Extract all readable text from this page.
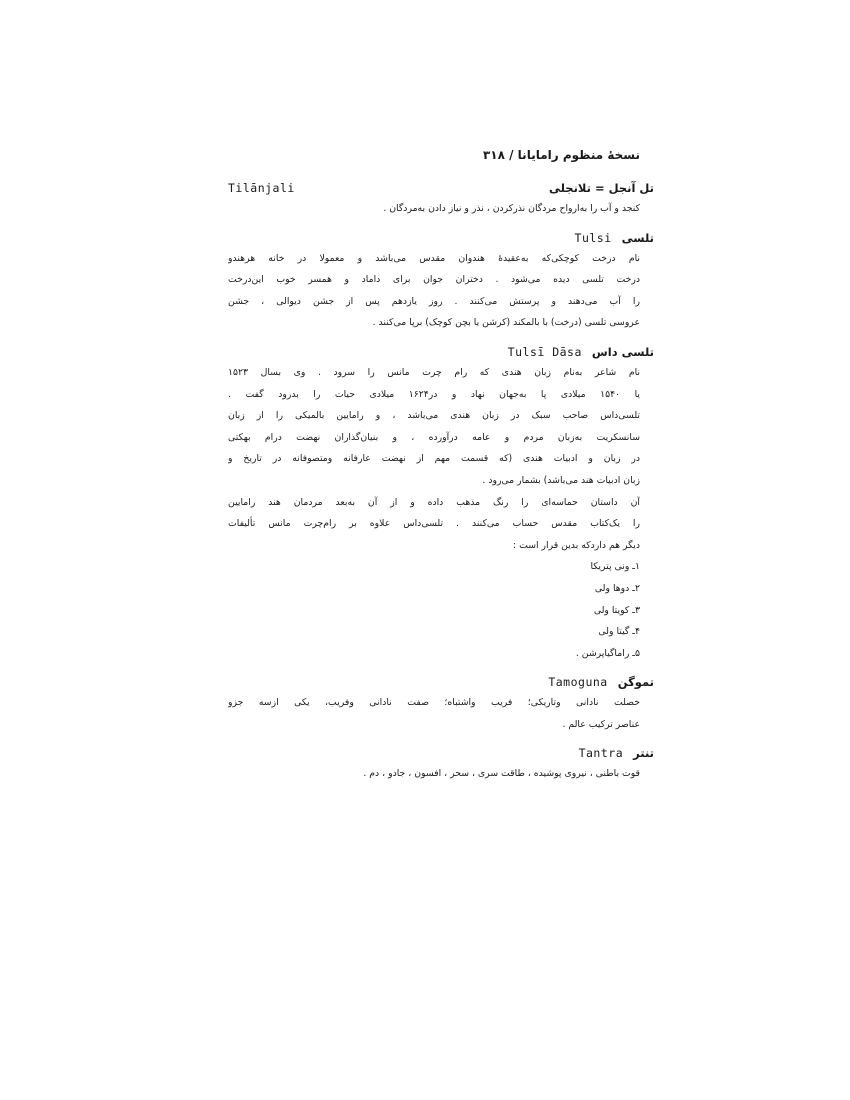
نسخهٔ منظوم رامایانا / ۳۱۸
تل آنجل = تلانجلی
Tilānjali
کنجد و آب را به‌ارواح مردگان نذرکردن ، نذر و نیاز دادن به‌مردگان .
تلسی
Tulsi
نام درخت کوچکی‌که به‌عقیدهٔ هندوان مقدس می‌باشد و معمولا در خانه هرهندو
درخت تلسی دیده می‌شود . دختران جوان برای داماد و همسر خوب این‌درخت
را آب می‌دهند و پرستش می‌کنند . روز یازدهم پس از جشن دیوالی ، جشن
عروسی تلسی (درخت) با بالمکند (کرشن یا بچن کوچک) برپا می‌کنند .
تلسی داس
Tulsī Dāsa
نام شاعر به‌نام زبان هندی که رام چرت مانس را سرود . وی بسال ۱۵۲۳
یا ۱۵۴۰ میلادی پا به‌جهان نهاد و در۱۶۲۴ میلادی حیات را بدرود گفت .
تلسی‌داس صاحب سبک در زبان هندی می‌باشد ، و رامایین بالمیکی را از زبان
سانسکریت به‌زبان مردم و عامه درآورده ، و بنیان‌گذاران نهضت درام بهکتی
در زبان و ادبیات هندی (که قسمت مهم از نهضت عارفانه ومتصوفانه در تاریخ و
زبان ادبیات هند می‌باشد) بشمار می‌رود .
آن داستان حماسه‌ای را رنگ مذهب داده و از آن به‌بعد مردمان هند رامایین
را یک‌کتاب مقدس حساب می‌کنند . تلسی‌داس علاوه بر رام‌چرت مانس تألیفات
دیگر هم داردکه بدین قرار است :
۱ـ ونی پتریکا
۲ـ دوها ولی
۳ـ کویتا ولی
۴ـ گیتا ولی
۵ـ راماگیاپرشن .
تموگن
Tamoguna
خصلت نادانی وتاریکی؛ فریب واشتباه؛ صفت نادانی وفریب، یکی ازسه جزو
عناصر ترکیب عالم .
تنتر
Tantra
قوت باطنی ، نیروی پوشیده ، طاقت سری ، سحر ، افسون ، جادو ، دم .
